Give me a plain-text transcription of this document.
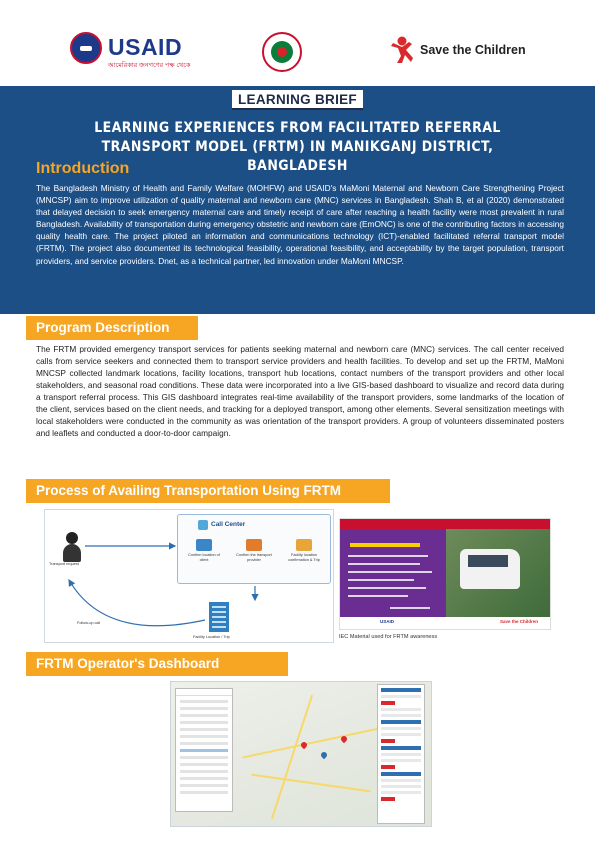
USAID
আমেরিকার জনগণের পক্ষ থেকে
Save the Children
LEARNING BRIEF
LEARNING EXPERIENCES FROM FACILITATED REFERRAL TRANSPORT MODEL (FRTM) IN MANIKGANJ DISTRICT, BANGLADESH
Introduction

The Bangladesh Ministry of Health and Family Welfare (MOHFW) and USAID's MaMoni Maternal and Newborn Care Strengthening Project (MNCSP) aim to improve utilization of quality maternal and newborn care (MNC) services in Bangladesh. Shah B, et al (2020) demonstrated that delayed decision to seek emergency maternal care and timely receipt of care after reaching a health facility were most prevalent in rural Bangladesh. Availability of transportation during emergency obstetric and newborn care (EmONC) is one of the contributing factors in accessing quality health care. The project piloted an information and communications technology (ICT)-enabled facilitated referral transport model (FRTM). The project also documented its technological feasibility, operational feasibility, and acceptability by the target population, transport providers, and service providers. Dnet, as a technical partner, led innovation under MaMoni MNCSP.

Program Description

The FRTM provided emergency transport services for patients seeking maternal and newborn care (MNC) services. The call center received calls from service seekers and connected them to transport service providers and health facilities. To develop and set up the FRTM, MaMoni MNCSP collected landmark locations, facility locations, transport hub locations, contact numbers of the transport providers and other local stakeholders, and seasonal road conditions. These data were incorporated into a live GIS-based dashboard to visualize and record data during a transport referral process. This GIS dashboard integrates real-time availability of the transport providers, some landmarks of the location of the client, services based on the client needs, and tracking for a deployed transport, among other elements. Several sensitization meetings with local stakeholders were conducted in the community as was orientation of the transport providers. A group of volunteers disseminated posters and leaflets and conducted a door-to-door campaign.

Process of Availing Transportation Using FRTM
Transport request
Call Center
Confirm location of client
Confirm the transport provider
Facility location confirmation & Trip
Facility Location / Trip
Follow-up call	USAID	Save the Children
IEC Material used for FRTM awareness
FRTM Operator's Dashboard
